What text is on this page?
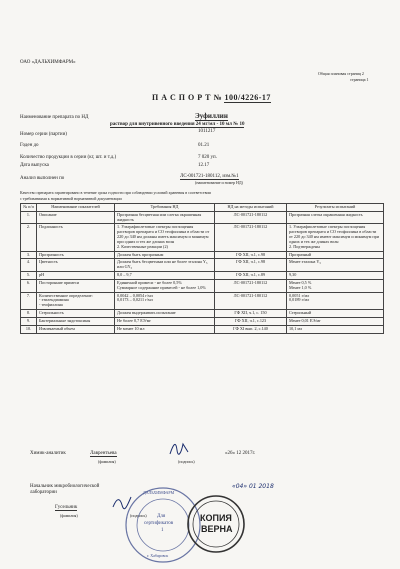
ОАО «ДАЛЬХИМФАРМ»
Общая плановая страниц 2
страница 1
П А С П О Р Т № 100/4226-17
Наименование препарата по НД	Эуфиллин
раствор для внутривенного введения 24 мг/мл - 10 мл № 10
Номер серии (партии)
1011217
Годен до	01.21
Количество продукции в серии (кг, шт. и т.д.)	7 020 уп.
Дата выпуска	12.17
Анализ выполнен по	ЛС-001721-180112, изм.№1
(наименование и номер НД)
Качество препарата гарантировано в течение срока годности при соблюдении условий хранения в соответствии
с требованиями к нормативной нормативной документации
№ п/п	Наименование показателей	Требования НД	НД на методы испытаний	Результаты испытаний
1.	Описание	Прозрачная бесцветная или слегка окрашенная жидкость	ЛС-001721-180112	Прозрачная слегка окрашенная жидкость
2.	Подлинность	1. Ультрафиолетовые спектры поглощения растворов препарата и СО теофиллина в области от 220 до 340 нм должны иметь максимум и минимум при одних и тех же длинах волн
2. Качественные реакции (2)	ЛС-001721-180112	1. Ультрафиолетовые спектры поглощения растворов препарата и СО теофиллина в области от 220 до 340 нм имеют максимум и минимум при одних и тех же длинах волн
2. Подтверждены
3.	Прозрачность	Должен быть прозрачным	ГФ XII, ч.1, с.98	Прозрачный
4.	Цветность	Должен быть бесцветным или не более эталона Y₅ или GY₅	ГФ XII, ч.1, с.98	Менее эталона Y₅
5.	pH	8,0 – 9,7	ГФ XII, ч.1, с.89	9,30
6.	Посторонние примеси	Единичной примеси - не более 0,5%
Суммарное содержание примесей - не более 1,0%	ЛС-001721-180112	Менее 0,5 %
Менее 1,0 %
7.	Количественное определение:
- этилендиамина
- теофиллина	0,0042 – 0,0054 г/мл
0,0173 – 0,0211 г/мл	ЛС-001721-180112	0,0051 г/мл
0,0189 г/мл
8.	Стерильность	Должен выдерживать испытание	ГФ XII, ч.1, с. 150	Стерильный
9.	Бактериальные эндотоксины	Не более 0,7 ЕЭ/мг	ГФ XII, ч.1, с.123	Менее 0,01 ЕЭ/мг
10.	Извлекаемый объем	Не менее 10 мл	ГФ XI вып. 2, с.140	10,1 мл
Химик-аналитик	Лаврентьева
(фамилия)	(подпись)
«26» 12 2017г.
Начальник микробиологической
лаборатории
Гусельник
(фамилия)	(подпись)
«04» 01 2018
ДАЛЬХИМФАРМ
Для
сертификатов
1
г. Хабаровск
КОПИЯ
ВЕРНА
